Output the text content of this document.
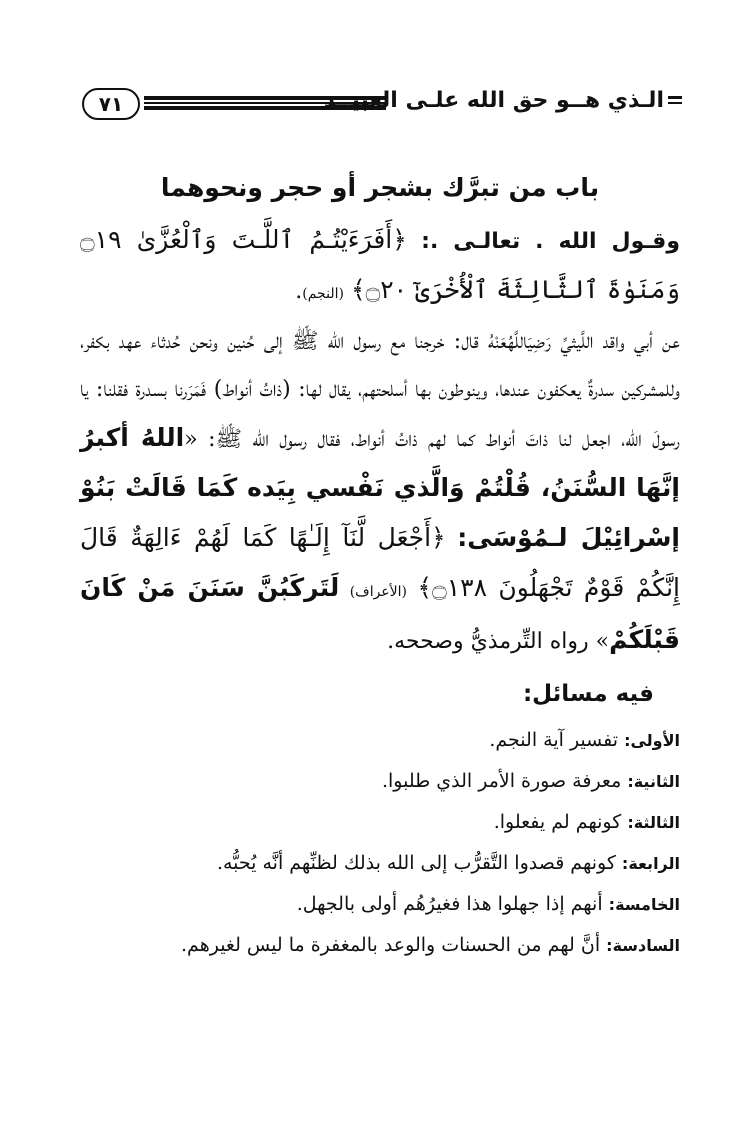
٧١	الـذي هــو حق الله علـى العبيــد
باب من تبرَّك بشجر أو حجر ونحوهما

وقـول الله . تعالـى .: ﴿أَفَرَءَيْتُـمُ ٱللَّـتَ وَٱلْعُزَّىٰ ۝١٩ وَمَنَوٰةَ ٱلثَّالِثَةَ ٱلْأُخْرَىٰٓ ۝٢٠﴾ (النجم).

عن أبي واقد اللَّيثيِّ رَضِيَاللَّهُعَنْهُ قال: خرجنا مع رسول الله ﷺ إلى حُنين ونحن حُدثاء عهد بكفر، وللمشركين سدرةٌ يعكفون عندها، وينوطون بها أسلحتهم، يقال لها: (ذاتُ أنواط) فَمَرَرنا بسدرة فقلنا: يا رسولَ الله، اجعل لنا ذاتَ أنواط كما لهم ذاتُ أنواط، فقال رسول الله ﷺ: «اللهُ أكبرُ إنَّهَا السُّنَنُ، قُلْتُمْ وَالَّذي نَفْسي بِيَده كَمَا قَالَتْ بَنُوْ إسْرائِيْلَ لـمُوْسَى: ﴿أَجْعَل لَّنَآ إِلَـٰهًا كَمَا لَهُمْ ءَالِهَةٌ قَالَ إِنَّكُمْ قَوْمٌ تَجْهَلُونَ ۝١٣٨﴾ (الأعراف) لَتَركَبُنَّ سَنَنَ مَنْ كَانَ قَبْلَكُمْ» رواه التِّرمذيُّ وصححه.

فيه مسائل:

الأولى: تفسير آية النجم.

الثانية: معرفة صورة الأمر الذي طلبوا.

الثالثة: كونهم لم يفعلوا.

الرابعة: كونهم قصدوا التَّقرُّب إلى الله بذلك لظنِّهم أنَّه يُحبُّه.

الخامسة: أنهم إذا جهلوا هذا فغيرُهُم أولى بالجهل.

السادسة: أنَّ لهم من الحسنات والوعد بالمغفرة ما ليس لغيرهم.
